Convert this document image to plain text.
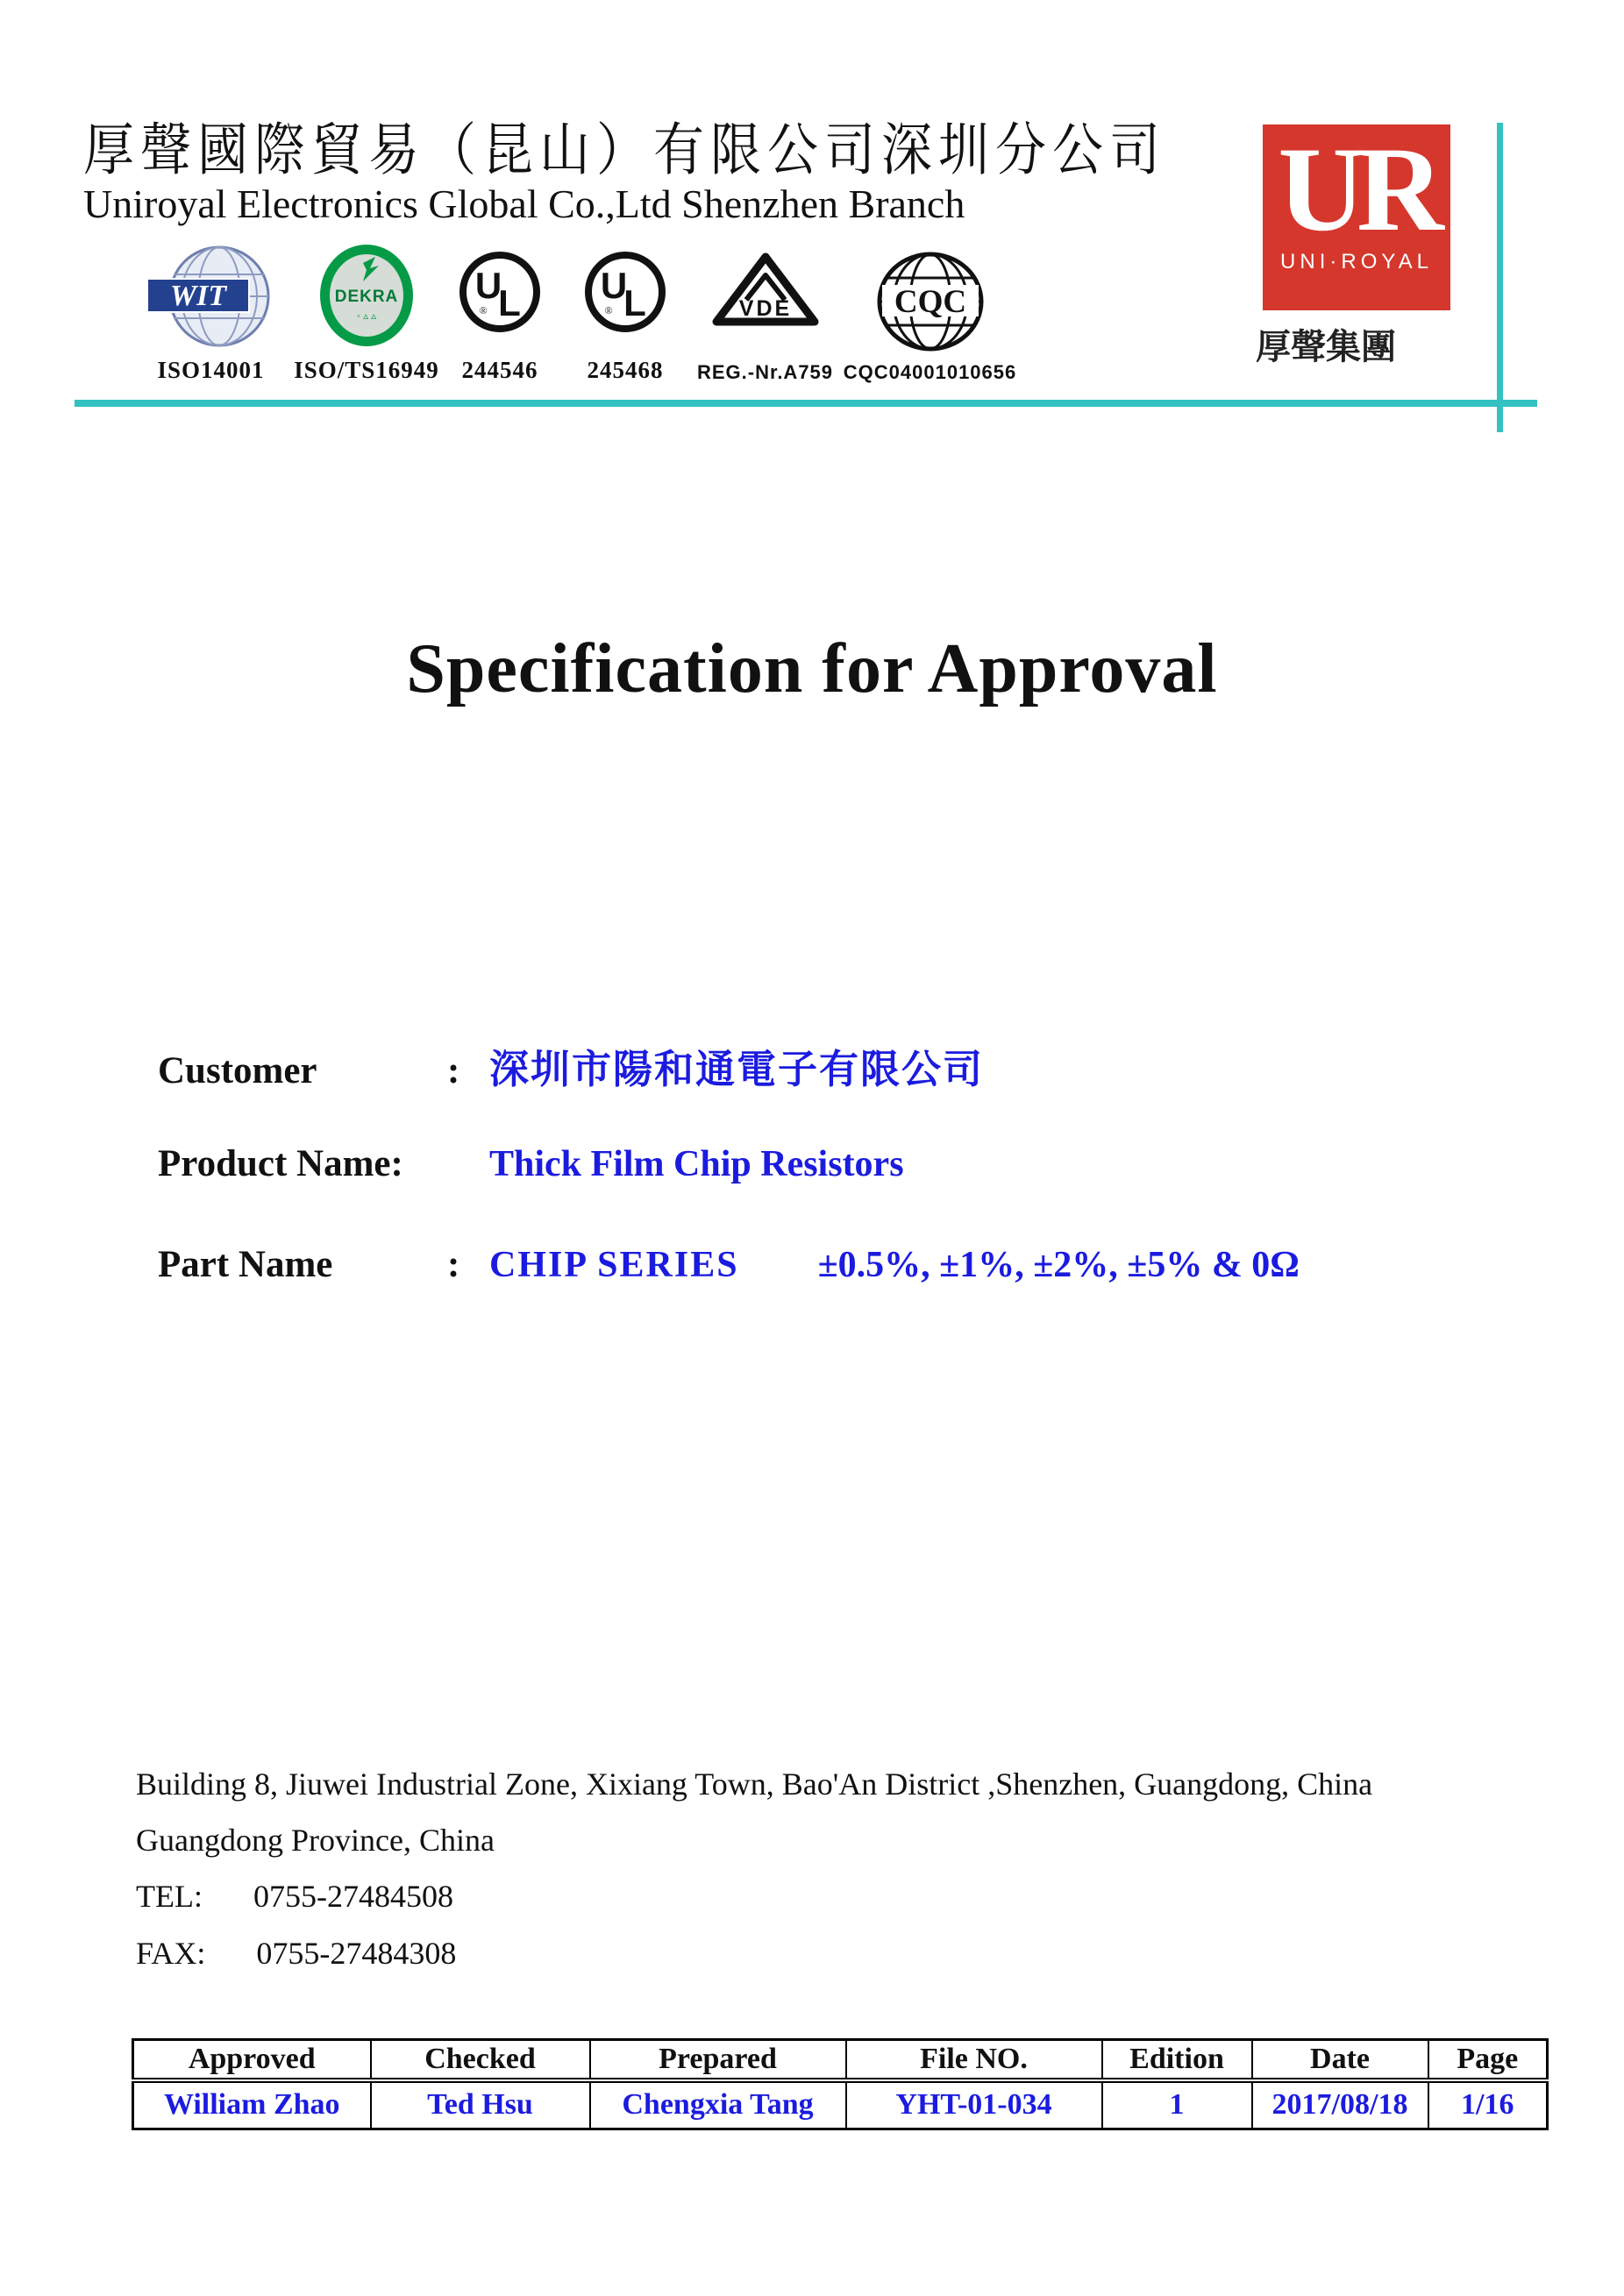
厚聲國際貿易（昆山）有限公司深圳分公司
Uniroyal Electronics Global Co.,Ltd Shenzhen Branch
WIT
ISO14001
DEKRA
◦ ▵ ▵
ISO/TS16949
U
L
®
244546
U
L
®
245468
VDE
REG.-Nr.A759
CQC
CQC04001010656
UR
UNI·ROYAL
厚聲集團
Specification for Approval
Customer	: 深圳市陽和通電子有限公司
Product Name:	Thick Film Chip Resistors
Part Name	: CHIP SERIES ±0.5%, ±1%, ±2%, ±5% & 0Ω
Building 8, Jiuwei Industrial Zone, Xixiang Town, Bao'An District ,Shenzhen, Guangdong, China
Guangdong Province, China
TEL: 0755-27484508
FAX: 0755-27484308
Approved	Checked	Prepared	File NO.	Edition	Date	Page
William Zhao	Ted Hsu	Chengxia Tang	YHT-01-034	1	2017/08/18	1/16
